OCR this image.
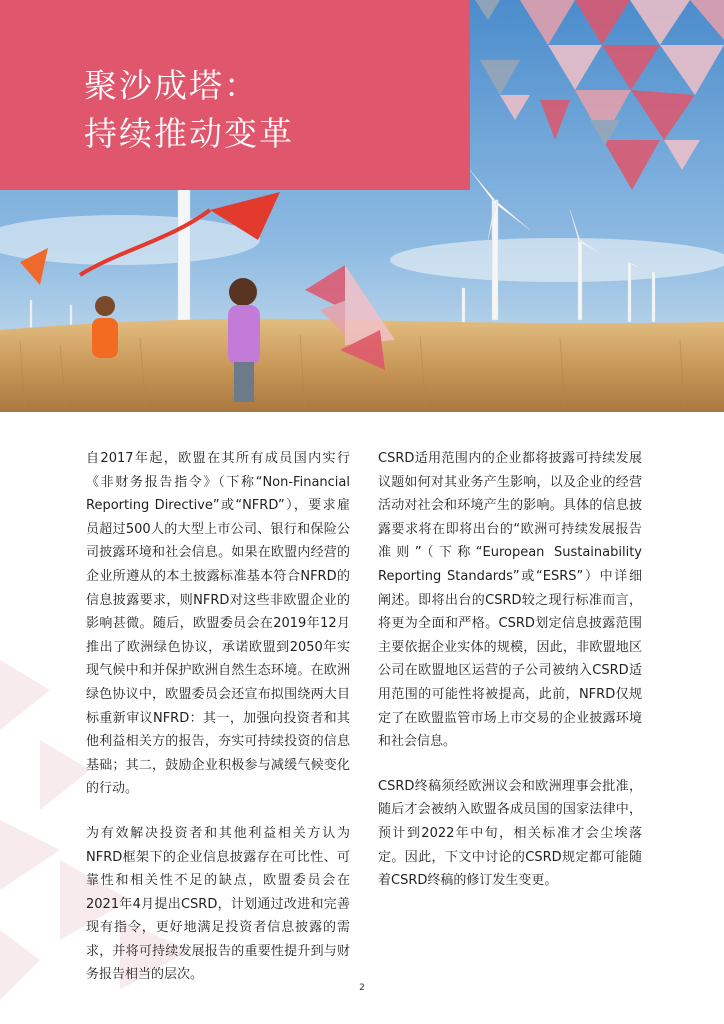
聚沙成塔：
持续推动变革

自2017年起，欧盟在其所有成员国内实行《非财务报告指令》（下称“Non-Financial Reporting Directive”或“NFRD”），要求雇员超过500人的大型上市公司、银行和保险公司披露环境和社会信息。如果在欧盟内经营的企业所遵从的本土披露标准基本符合NFRD的信息披露要求，则NFRD对这些非欧盟企业的影响甚微。随后，欧盟委员会在2019年12月推出了欧洲绿色协议，承诺欧盟到2050年实现气候中和并保护欧洲自然生态环境。在欧洲绿色协议中，欧盟委员会还宣布拟围绕两大目标重新审议NFRD：其一，加强向投资者和其他利益相关方的报告，夯实可持续投资的信息基础；其二，鼓励企业积极参与减缓气候变化的行动。

为有效解决投资者和其他利益相关方认为NFRD框架下的企业信息披露存在可比性、可靠性和相关性不足的缺点，欧盟委员会在2021年4月提出CSRD，计划通过改进和完善现有指令，更好地满足投资者信息披露的需求，并将可持续发展报告的重要性提升到与财务报告相当的层次。

CSRD适用范围内的企业都将披露可持续发展议题如何对其业务产生影响，以及企业的经营活动对社会和环境产生的影响。具体的信息披露要求将在即将出台的“欧洲可持续发展报告准则”（下称“European Sustainability Reporting Standards”或“ESRS”）中详细阐述。即将出台的CSRD较之现行标准而言，将更为全面和严格。CSRD划定信息披露范围主要依据企业实体的规模，因此，非欧盟地区公司在欧盟地区运营的子公司被纳入CSRD适用范围的可能性将被提高，此前，NFRD仅规定了在欧盟监管市场上市交易的企业披露环境和社会信息。

CSRD终稿须经欧洲议会和欧洲理事会批准，随后才会被纳入欧盟各成员国的国家法律中，预计到2022年中旬，相关标准才会尘埃落定。因此，下文中讨论的CSRD规定都可能随着CSRD终稿的修订发生变更。

2
